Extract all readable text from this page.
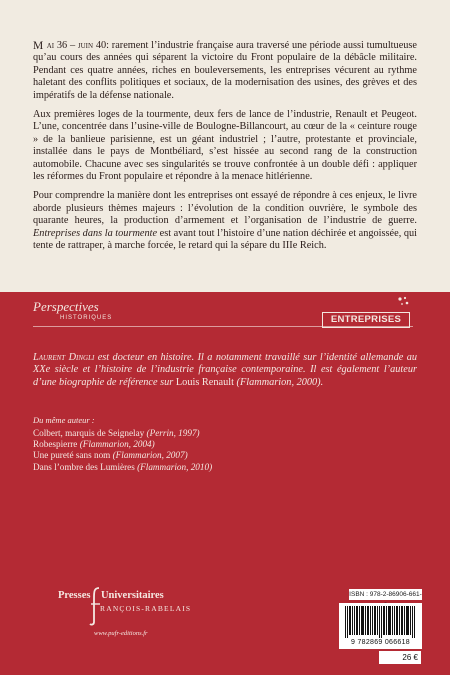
M ai 36 – juin 40: rarement l’industrie française aura traversé une période aussi tumultueuse qu’au cours des années qui séparent la victoire du Front populaire de la débâcle militaire. Pendant ces quatre années, riches en bouleversements, les entreprises vécurent au rythme haletant des conflits politiques et sociaux, de la modernisation des usines, des grèves et des impératifs de la défense nationale.

Aux premières loges de la tourmente, deux fers de lance de l’industrie, Renault et Peugeot. L’une, concentrée dans l’usine-ville de Boulogne-Billancourt, au cœur de la « ceinture rouge » de la banlieue parisienne, est un géant industriel ; l’autre, protestante et provinciale, installée dans le pays de Montbéliard, s’est hissée au second rang de la construction automobile. Chacune avec ses singularités se trouve confrontée à un double défi : appliquer les réformes du Front populaire et répondre à la menace hitlérienne.

Pour comprendre la manière dont les entreprises ont essayé de répondre à ces enjeux, le livre aborde plusieurs thèmes majeurs : l’évolution de la condition ouvrière, le symbole des quarante heures, la production d’armement et l’organisation de l’industrie de guerre. Entreprises dans la tourmente est avant tout l’histoire d’une nation déchirée et angoissée, qui tente de rattraper, à marche forcée, le retard qui la sépare du IIIe Reich.

Perspectives
HISTORIQUES	ENTREPRISES
Laurent Dingli est docteur en histoire. Il a notamment travaillé sur l’identité allemande au XXe siècle et l’histoire de l’industrie française contemporaine. Il est également l’auteur d’une biographie de référence sur Louis Renault (Flammarion, 2000).
Du même auteur :
Colbert, marquis de Seignelay (Perrin, 1997)
Robespierre (Flammarion, 2004)
Une pureté sans nom (Flammarion, 2007)
Dans l’ombre des Lumières (Flammarion, 2010)
Presses Universitaires
RANÇOIS-RABELAIS
www.pufr-editions.fr
ISBN : 978-2-86906-661-
9 782869 066618
26 €
